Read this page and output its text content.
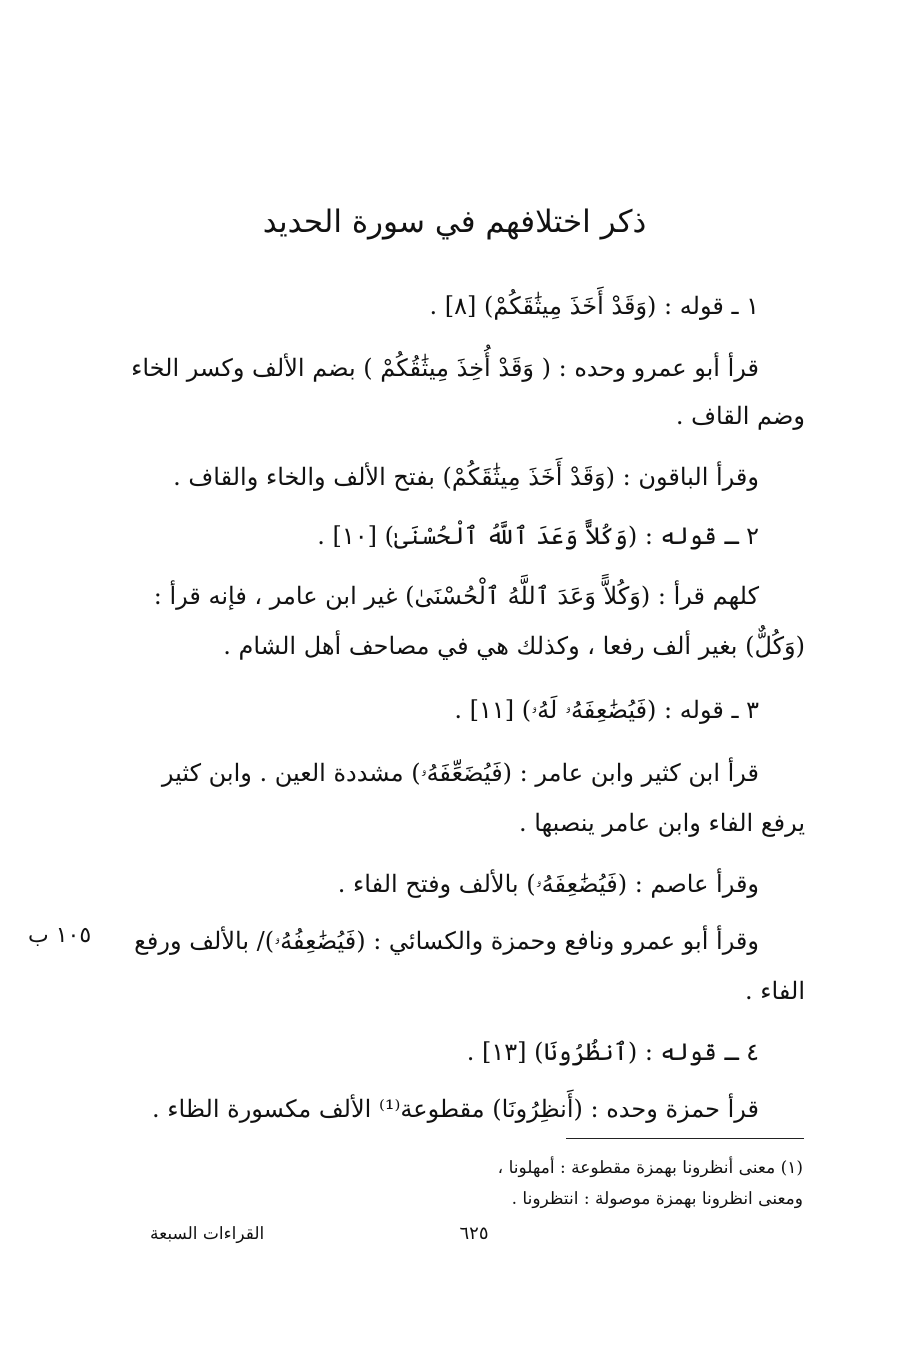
ذكر اختلافهم في سورة الحديد
١ ـ قوله : (وَقَدْ أَخَذَ مِيثَٰقَكُمْ) [٨] .
قرأ أبو عمرو وحده : ( وَقَدْ أُخِذَ مِيثَٰقُكُمْ ) بضم الألف وكسر الخاء
وضم القاف .
وقرأ الباقون : (وَقَدْ أَخَذَ مِيثَٰقَكُمْ) بفتح الألف والخاء والقاف .
٢ ـ قوله : (وَكُلاًّ وَعَدَ ٱللَّهُ ٱلْحُسْنَىٰ) [١٠] .
كلهم قرأ : (وَكُلاًّ وَعَدَ ٱللَّهُ ٱلْحُسْنَىٰ) غير ابن عامر ، فإنه قرأ :
(وَكُلٌّ) بغير ألف رفعا ، وكذلك هي في مصاحف أهل الشام .
٣ ـ قوله : (فَيُضَٰعِفَهُۥ لَهُۥ) [١١] .
قرأ ابن كثير وابن عامر : (فَيُضَعِّفَهُۥ) مشددة العين . وابن كثير
يرفع الفاء وابن عامر ينصبها .
وقرأ عاصم : (فَيُضَٰعِفَهُۥ) بالألف وفتح الفاء .
وقرأ أبو عمرو ونافع وحمزة والكسائي : (فَيُضَٰعِفُهُۥ)/ بالألف ورفع
الفاء .
٤ ـ قوله : (ٱنظُرُونَا) [١٣] .
قرأ حمزة وحده : (أَنظِرُونَا) مقطوعة⁽¹⁾ الألف مكسورة الظاء .
١٠٥ ب
(١) معنى أنظرونا بهمزة مقطوعة : أمهلونا ،
ومعنى انظرونا بهمزة موصولة : انتظرونا .
٦٢٥
القراءات السبعة
